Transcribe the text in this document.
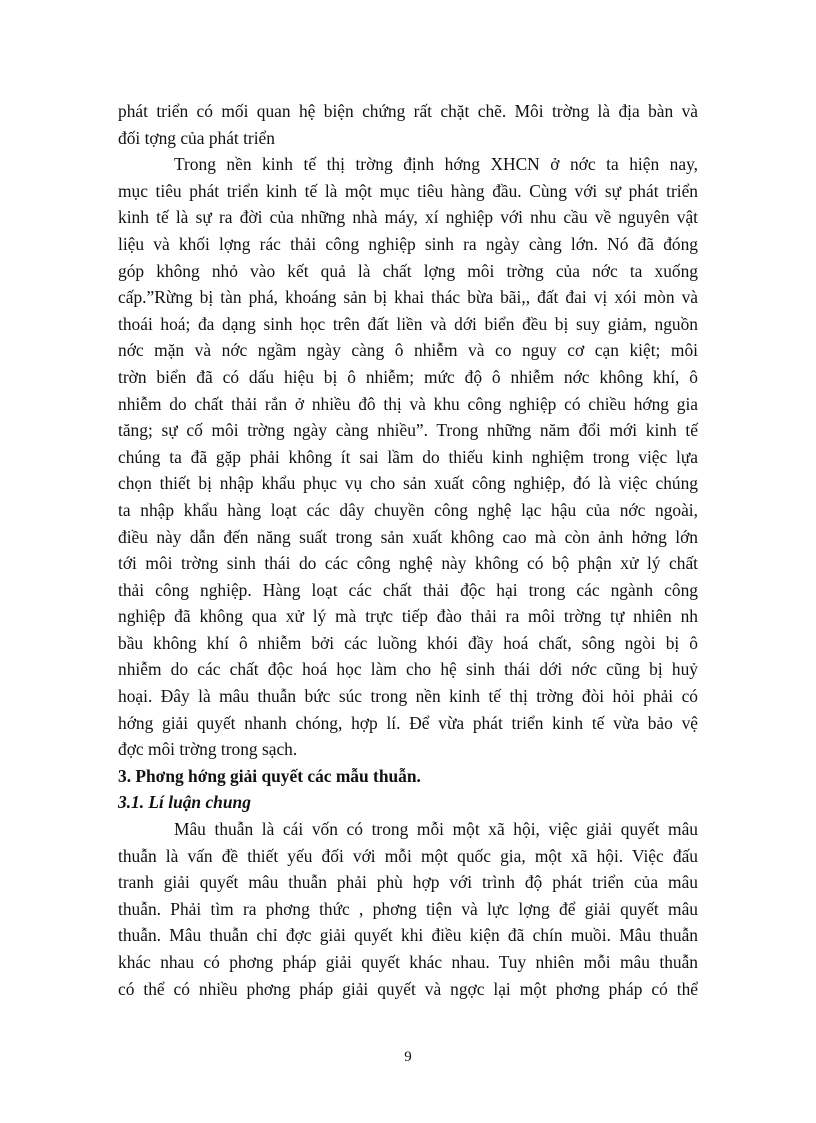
phát triển có mối quan hệ biện chứng rất chặt chẽ. Môi trờng là địa bàn và
đối tợng của phát triển
Trong nền kinh tế thị trờng định hớng XHCN ở nớc ta hiện nay,
mục tiêu phát triển kinh tế là một mục tiêu hàng đầu. Cùng với sự phát triển
kinh tế là sự ra đời của những nhà máy, xí nghiệp với nhu cầu về nguyên vật
liệu và khối lợng rác thải công nghiệp sinh ra ngày càng lớn. Nó đã đóng
góp không nhỏ vào kết quả là chất lợng môi trờng của nớc ta xuống
cấp.”Rừng bị tàn phá, khoáng sản bị khai thác bừa bãi,, đất đai vị xói mòn và
thoái hoá; đa dạng sinh học trên đất liền và dới biển đều bị suy giảm, nguồn
nớc mặn và nớc ngầm ngày càng ô nhiễm và co nguy cơ cạn kiệt; môi
trờn biển đã có dấu hiệu bị ô nhiễm; mức độ ô nhiễm nớc không khí, ô
nhiễm do chất thải rắn ở nhiều đô thị và khu công nghiệp có chiều hớng gia
tăng; sự cố môi trờng ngày càng nhiều”. Trong những năm đổi mới kinh tế
chúng ta đã gặp phải không ít sai lầm do thiếu kinh nghiệm trong việc lựa
chọn thiết bị nhập khẩu phục vụ cho sản xuất công nghiệp, đó là việc chúng
ta nhập khẩu hàng loạt các dây chuyền công nghệ lạc hậu của nớc ngoài,
điều này dẫn đến năng suất trong sản xuất không cao mà còn ảnh hởng lớn
tới môi trờng sinh thái do các công nghệ này không có bộ phận xử lý chất
thải công nghiệp. Hàng loạt các chất thải độc hại trong các ngành công
nghiệp đã không qua xử lý mà trực tiếp đào thải ra môi trờng tự nhiên nh
bầu không khí ô nhiễm bởi các luồng khói đầy hoá chất, sông ngòi bị ô
nhiễm do các chất độc hoá học làm cho hệ sinh thái dới nớc cũng bị huỷ
hoại. Đây là mâu thuẫn bức súc trong nền kinh tế thị trờng đòi hỏi phải có
hớng giải quyết nhanh chóng, hợp lí. Để vừa phát triển kinh tế vừa bảo vệ
đợc môi trờng trong sạch.
3. Phơng hớng giải quyết các mẫu thuẫn.
3.1. Lí luận chung
Mâu thuẫn là cái vốn có trong mỗi một xã hội, việc giải quyết mâu
thuẫn là vấn đề thiết yếu đối với mỗi một quốc gia, một xã hội. Việc đấu
tranh giải quyết mâu thuẫn phải phù hợp với trình độ phát triển của mâu
thuẫn. Phải tìm ra phơng thức , phơng tiện và lực lợng để giải quyết mâu
thuẫn. Mâu thuẫn chỉ đợc giải quyết khi điều kiện đã chín muồi. Mâu thuẫn
khác nhau có phơng pháp giải quyết khác nhau. Tuy nhiên mỗi mâu thuẫn
có thể có nhiều phơng pháp giải quyết và ngợc lại một phơng pháp có thể
9
